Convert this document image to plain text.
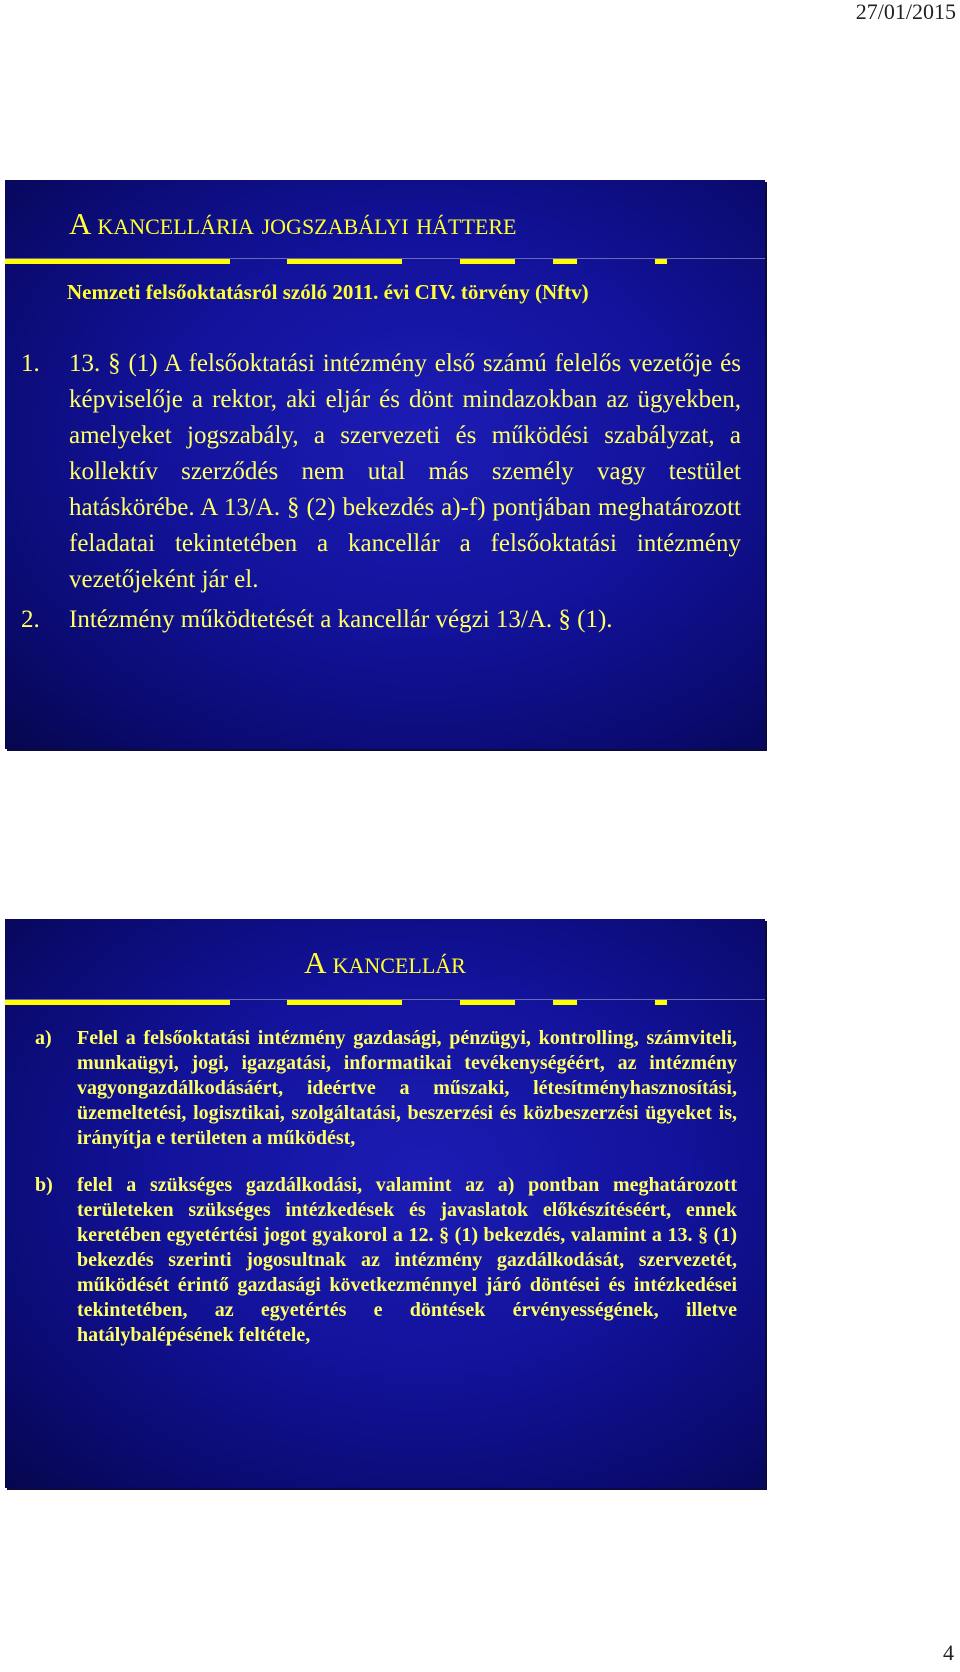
27/01/2015
A kancellária jogszabályi háttere
Nemzeti felsőoktatásról szóló 2011. évi CIV. törvény (Nftv)
1. 13. § (1) A felsőoktatási intézmény első számú felelős vezetője és képviselője a rektor, aki eljár és dönt mindazokban az ügyekben, amelyeket jogszabály, a szervezeti és működési szabályzat, a kollektív szerződés nem utal más személy vagy testület hatáskörébe. A 13/A. § (2) bekezdés a)-f) pontjában meghatározott feladatai tekintetében a kancellár a felsőoktatási intézmény vezetőjeként jár el.
2. Intézmény működtetését a kancellár végzi 13/A. § (1).
A kancellár
a) Felel a felsőoktatási intézmény gazdasági, pénzügyi, kontrolling, számviteli, munkaügyi, jogi, igazgatási, informatikai tevékenységéért, az intézmény vagyongazdálkodásáért, ideértve a műszaki, létesítményhasznosítási, üzemeltetési, logisztikai, szolgáltatási, beszerzési és közbeszerzési ügyeket is, irányítja e területen a működést,
b) felel a szükséges gazdálkodási, valamint az a) pontban meghatározott területeken szükséges intézkedések és javaslatok előkészítéséért, ennek keretében egyetértési jogot gyakorol a 12. § (1) bekezdés, valamint a 13. § (1) bekezdés szerinti jogosultnak az intézmény gazdálkodását, szervezetét, működését érintő gazdasági következménnyel járó döntései és intézkedései tekintetében, az egyetértés e döntések érvényességének, illetve hatálybalépésének feltétele,
4
